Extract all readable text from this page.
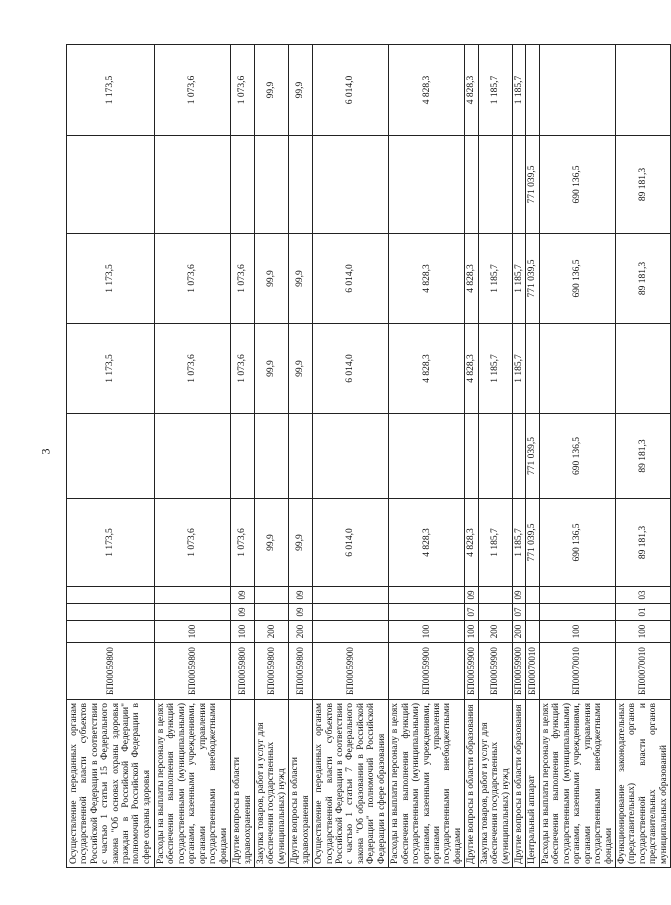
3
Осуществление переданных органам государственной власти субъектов Российской Федерации в соответствии с частью 1 статьи 15 Федерального закона "Об основах охраны здоровья граждан в Российской Федерации" полномочий Российской Федерации в сфере охраны здоровья	БП00059800				1 173,5		1 173,5	1 173,5		1 173,5
Расходы на выплаты персоналу в целях обеспечения выполнения функций государственными (муниципальными) органами, казенными учреждениями, органами управления государственными внебюджетными фондами	БП00059800	100			1 073,6		1 073,6	1 073,6		1 073,6
Другие вопросы в области здравоохранения	БП00059800	100	09	09	1 073,6		1 073,6	1 073,6		1 073,6
Закупка товаров, работ и услуг для обеспечения государственных (муниципальных) нужд	БП00059800	200			99,9		99,9	99,9		99,9
Другие вопросы в области здравоохранения	БП00059800	200	09	09	99,9		99,9	99,9		99,9
Осуществление переданных органам государственной власти субъектов Российской Федерации в соответствии с частью 1 статьи 7 Федерального закона "Об образовании в Российской Федерации" полномочий Российской Федерации в сфере образования	БП00059900				6 014,0		6 014,0	6 014,0		6 014,0
Расходы на выплаты персоналу в целях обеспечения выполнения функций государственными (муниципальными) органами, казенными учреждениями, органами управления государственными внебюджетными фондами	БП00059900	100			4 828,3		4 828,3	4 828,3		4 828,3
Другие вопросы в области образования	БП00059900	100	07	09	4 828,3		4 828,3	4 828,3		4 828,3
Закупка товаров, работ и услуг для обеспечения государственных (муниципальных) нужд	БП00059900	200			1 185,7		1 185,7	1 185,7		1 185,7
Другие вопросы в области образования	БП00059900	200	07	09	1 185,7		1 185,7	1 185,7		1 185,7
Центральный аппарат	БП00070010				771 039,5	771 039,5		771 039,5	771 039,5	
Расходы на выплаты персоналу в целях обеспечения выполнения функций государственными (муниципальными) органами, казенными учреждениями, органами управления государственными внебюджетными фондами	БП00070010	100			690 136,5	690 136,5		690 136,5	690 136,5	
Функционирование законодательных (представительных) органов государственной власти и представительных органов муниципальных образований	БП00070010	100	01	03	89 181,3	89 181,3		89 181,3	89 181,3	
